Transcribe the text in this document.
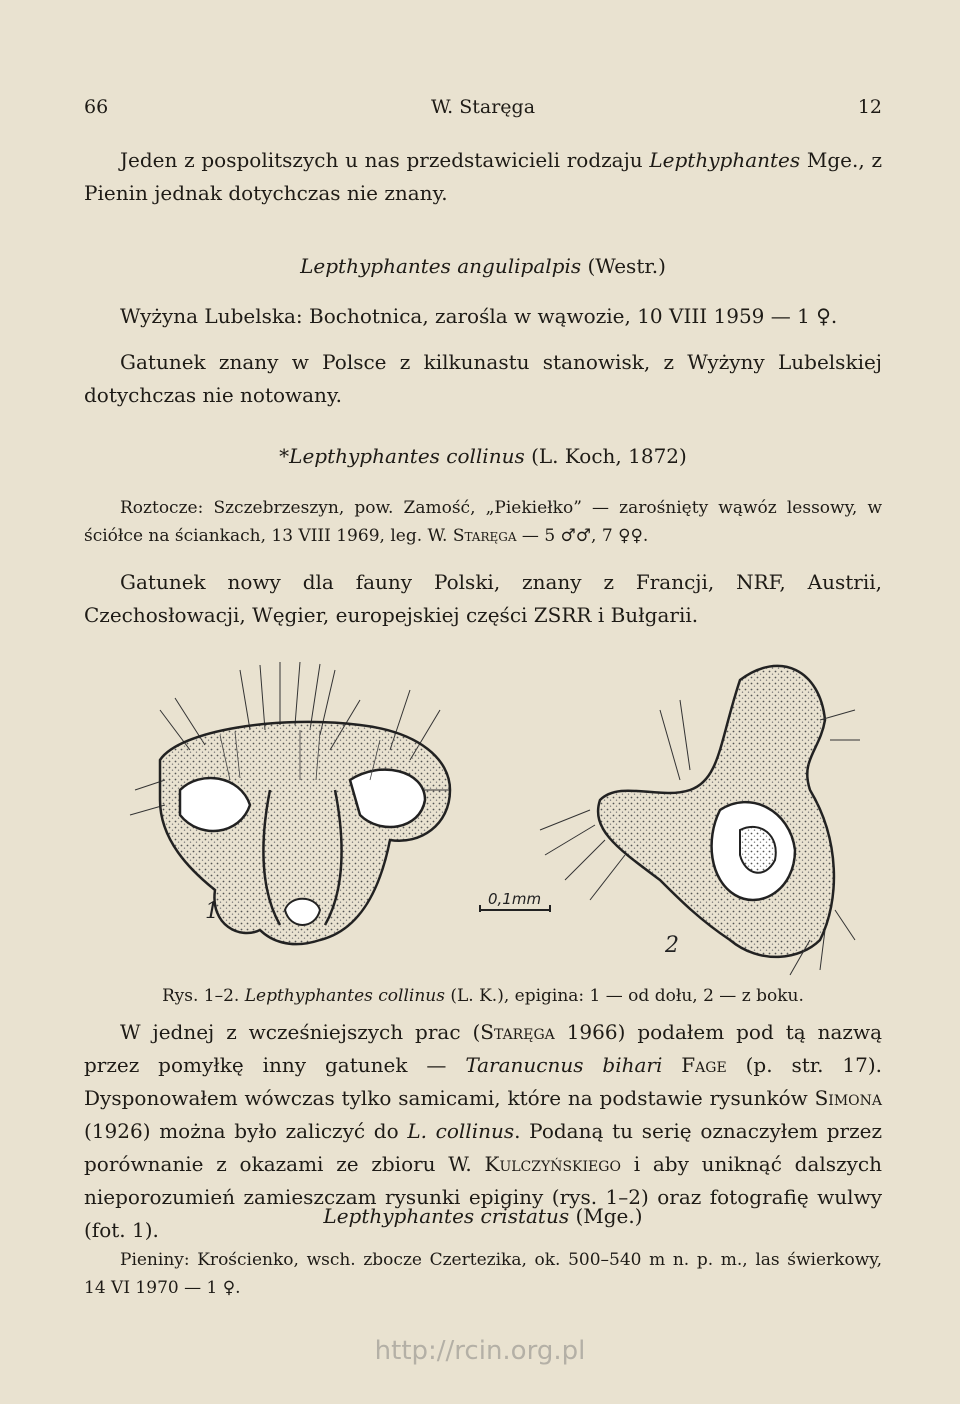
66	W. Staręga	12

Jeden z pospolitszych u nas przedstawicieli rodzaju Lepthyphantes Mge., z Pienin jednak dotychczas nie znany.

Lepthyphantes angulipalpis (Westr.)

Wyżyna Lubelska: Bochotnica, zarośla w wąwozie, 10 VIII 1959 — 1 ♀.

Gatunek znany w Polsce z kilkunastu stanowisk, z Wyżyny Lubelskiej dotychczas nie notowany.

*Lepthyphantes collinus (L. Koch, 1872)

Roztocze: Szczebrzeszyn, pow. Zamość, „Piekiełko” — zarośnięty wąwóz lessowy, w ściółce na ściankach, 13 VIII 1969, leg. W. Staręga — 5 ♂♂, 7 ♀♀.

Gatunek nowy dla fauny Polski, znany z Francji, NRF, Austrii, Czechosłowacji, Węgier, europejskiej części ZSRR i Bułgarii.

1	0,1mm
2
Rys. 1–2. Lepthyphantes collinus (L. K.), epigina: 1 — od dołu, 2 — z boku.

W jednej z wcześniejszych prac (Staręga 1966) podałem pod tą nazwą przez pomyłkę inny gatunek — Taranucnus bihari Fage (p. str. 17). Dysponowałem wówczas tylko samicami, które na podstawie rysunków Simona (1926) można było zaliczyć do L. collinus. Podaną tu serię oznaczyłem przez porównanie z okazami ze zbioru W. Kulczyńskiego i aby uniknąć dalszych nieporozumień zamieszczam rysunki epiginy (rys. 1–2) oraz fotografię wulwy (fot. 1).

Lepthyphantes cristatus (Mge.)

Pieniny: Krościenko, wsch. zbocze Czertezika, ok. 500–540 m n. p. m., las świerkowy, 14 VI 1970 — 1 ♀.

http://rcin.org.pl
